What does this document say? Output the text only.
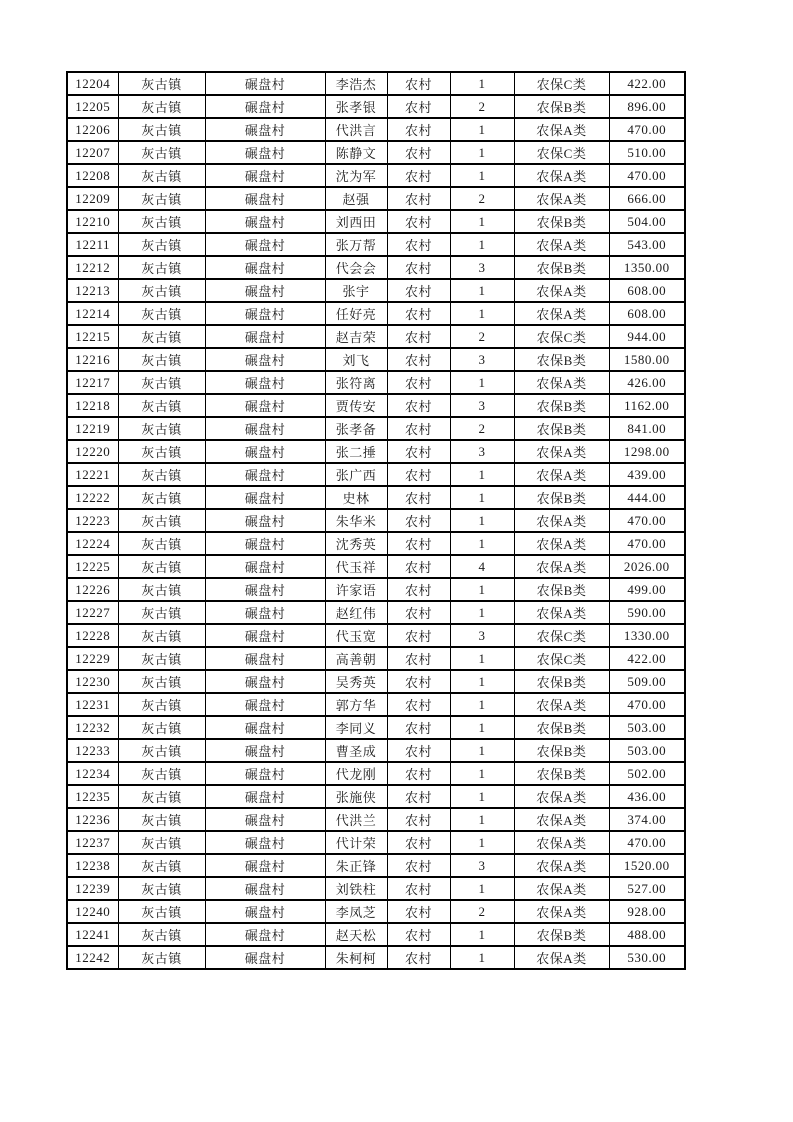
12204	灰古镇	碾盘村	李浩杰	农村	1	农保C类	422.00
12205	灰古镇	碾盘村	张孝银	农村	2	农保B类	896.00
12206	灰古镇	碾盘村	代洪言	农村	1	农保A类	470.00
12207	灰古镇	碾盘村	陈静文	农村	1	农保C类	510.00
12208	灰古镇	碾盘村	沈为军	农村	1	农保A类	470.00
12209	灰古镇	碾盘村	赵强	农村	2	农保A类	666.00
12210	灰古镇	碾盘村	刘西田	农村	1	农保B类	504.00
12211	灰古镇	碾盘村	张万帮	农村	1	农保A类	543.00
12212	灰古镇	碾盘村	代会会	农村	3	农保B类	1350.00
12213	灰古镇	碾盘村	张宇	农村	1	农保A类	608.00
12214	灰古镇	碾盘村	任好亮	农村	1	农保A类	608.00
12215	灰古镇	碾盘村	赵吉荣	农村	2	农保C类	944.00
12216	灰古镇	碾盘村	刘飞	农村	3	农保B类	1580.00
12217	灰古镇	碾盘村	张符离	农村	1	农保A类	426.00
12218	灰古镇	碾盘村	贾传安	农村	3	农保B类	1162.00
12219	灰古镇	碾盘村	张孝备	农村	2	农保B类	841.00
12220	灰古镇	碾盘村	张二捶	农村	3	农保A类	1298.00
12221	灰古镇	碾盘村	张广西	农村	1	农保A类	439.00
12222	灰古镇	碾盘村	史林	农村	1	农保B类	444.00
12223	灰古镇	碾盘村	朱华米	农村	1	农保A类	470.00
12224	灰古镇	碾盘村	沈秀英	农村	1	农保A类	470.00
12225	灰古镇	碾盘村	代玉祥	农村	4	农保A类	2026.00
12226	灰古镇	碾盘村	许家语	农村	1	农保B类	499.00
12227	灰古镇	碾盘村	赵红伟	农村	1	农保A类	590.00
12228	灰古镇	碾盘村	代玉宽	农村	3	农保C类	1330.00
12229	灰古镇	碾盘村	高善朝	农村	1	农保C类	422.00
12230	灰古镇	碾盘村	吴秀英	农村	1	农保B类	509.00
12231	灰古镇	碾盘村	郭方华	农村	1	农保A类	470.00
12232	灰古镇	碾盘村	李同义	农村	1	农保B类	503.00
12233	灰古镇	碾盘村	曹圣成	农村	1	农保B类	503.00
12234	灰古镇	碾盘村	代龙刚	农村	1	农保B类	502.00
12235	灰古镇	碾盘村	张施侠	农村	1	农保A类	436.00
12236	灰古镇	碾盘村	代洪兰	农村	1	农保A类	374.00
12237	灰古镇	碾盘村	代计荣	农村	1	农保A类	470.00
12238	灰古镇	碾盘村	朱正锋	农村	3	农保A类	1520.00
12239	灰古镇	碾盘村	刘铁柱	农村	1	农保A类	527.00
12240	灰古镇	碾盘村	李凤芝	农村	2	农保A类	928.00
12241	灰古镇	碾盘村	赵天松	农村	1	农保B类	488.00
12242	灰古镇	碾盘村	朱柯柯	农村	1	农保A类	530.00
